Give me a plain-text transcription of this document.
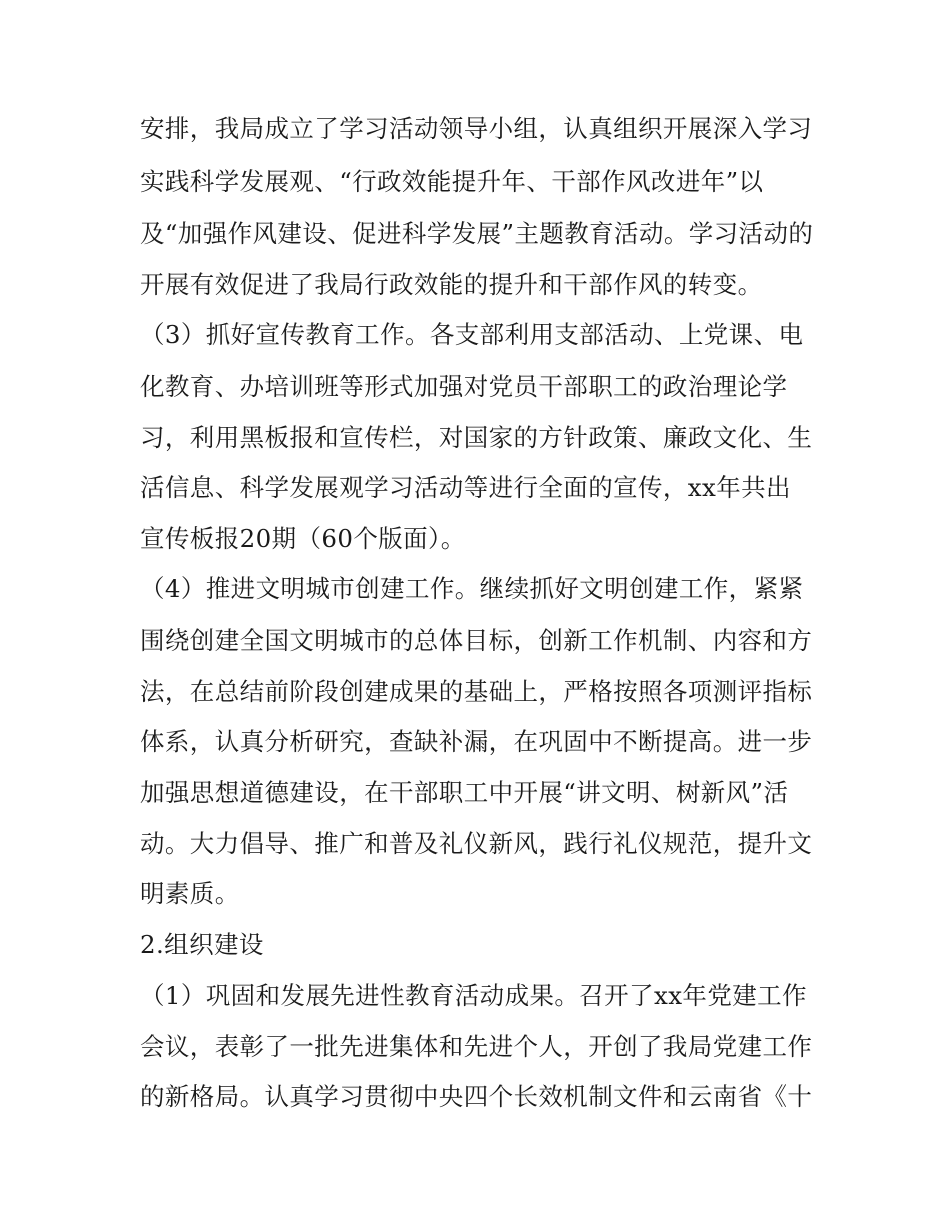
安排，我局成立了学习活动领导小组，认真组织开展深入学习
实践科学发展观、“行政效能提升年、干部作风改进年”以
及“加强作风建设、促进科学发展”主题教育活动。学习活动的
开展有效促进了我局行政效能的提升和干部作风的转变。
（3）抓好宣传教育工作。各支部利用支部活动、上党课、电
化教育、办培训班等形式加强对党员干部职工的政治理论学
习，利用黑板报和宣传栏，对国家的方针政策、廉政文化、生
活信息、科学发展观学习活动等进行全面的宣传，xx年共出
宣传板报20期（60个版面）。
（4）推进文明城市创建工作。继续抓好文明创建工作，紧紧
围绕创建全国文明城市的总体目标，创新工作机制、内容和方
法，在总结前阶段创建成果的基础上，严格按照各项测评指标
体系，认真分析研究，查缺补漏，在巩固中不断提高。进一步
加强思想道德建设，在干部职工中开展“讲文明、树新风”活
动。大力倡导、推广和普及礼仪新风，践行礼仪规范，提升文
明素质。
2.组织建设
（1）巩固和发展先进性教育活动成果。召开了xx年党建工作
会议，表彰了一批先进集体和先进个人，开创了我局党建工作
的新格局。认真学习贯彻中央四个长效机制文件和云南省《十
